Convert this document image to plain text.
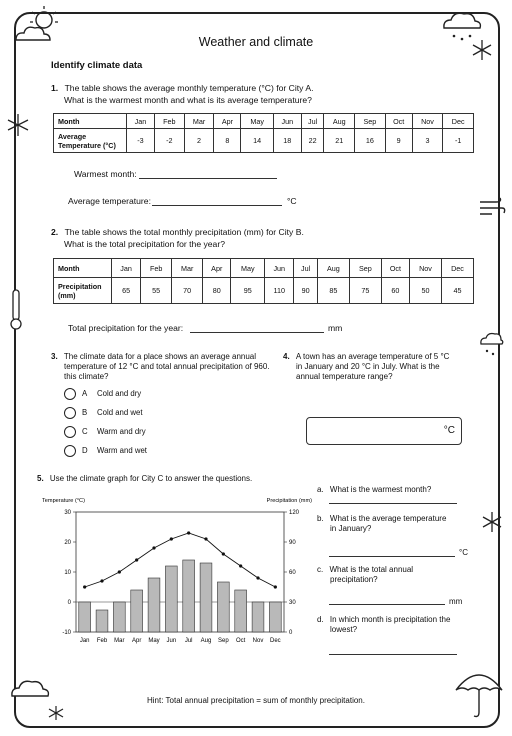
Weather and climate
Identify climate data
1. The table shows the average monthly temperature (°C) for City A.
What is the warmest month and what is its average temperature?
Month	Jan	Feb	Mar	Apr	May	Jun	Jul	Aug	Sep	Oct	Nov	Dec
Average
Temperature (°C)	-3	-2	2	8	14	18	22	21	16	9	3	-1
Warmest month:
Average temperature:	°C
2. The table shows the total monthly precipitation (mm) for City B.
What is the total precipitation for the year?
Month	Jan	Feb	Mar	Apr	May	Jun	Jul	Aug	Sep	Oct	Nov	Dec
Precipitation
(mm)	65	55	70	80	95	110	90	85	75	60	50	45
Total precipitation for the year:	mm
3. The climate data for a place shows an average annual
temperature of 12 °C and total annual precipitation of 960.
this climate?
A Cold and dry
B Cold and wet
C Warm and dry
D Warm and wet
4. A town has an average temperature of 5 °C
in January and 20 °C in July. What is the
annual temperature range?
°C
5. Use the climate graph for City C to answer the questions.
Temperature (°C)	Precipitation (mm)
30
20
10
0
-10
120
90
60
30
0
Jan Feb Mar Apr May Jun Jul Aug Sep Oct Nov Dec
a. What is the warmest month?
b. What is the average temperature
in January?
°C
c. What is the total annual
precipitation?
mm
d. In which month is precipitation the
lowest?
Hint: Total annual precipitation = sum of monthly precipitation.
